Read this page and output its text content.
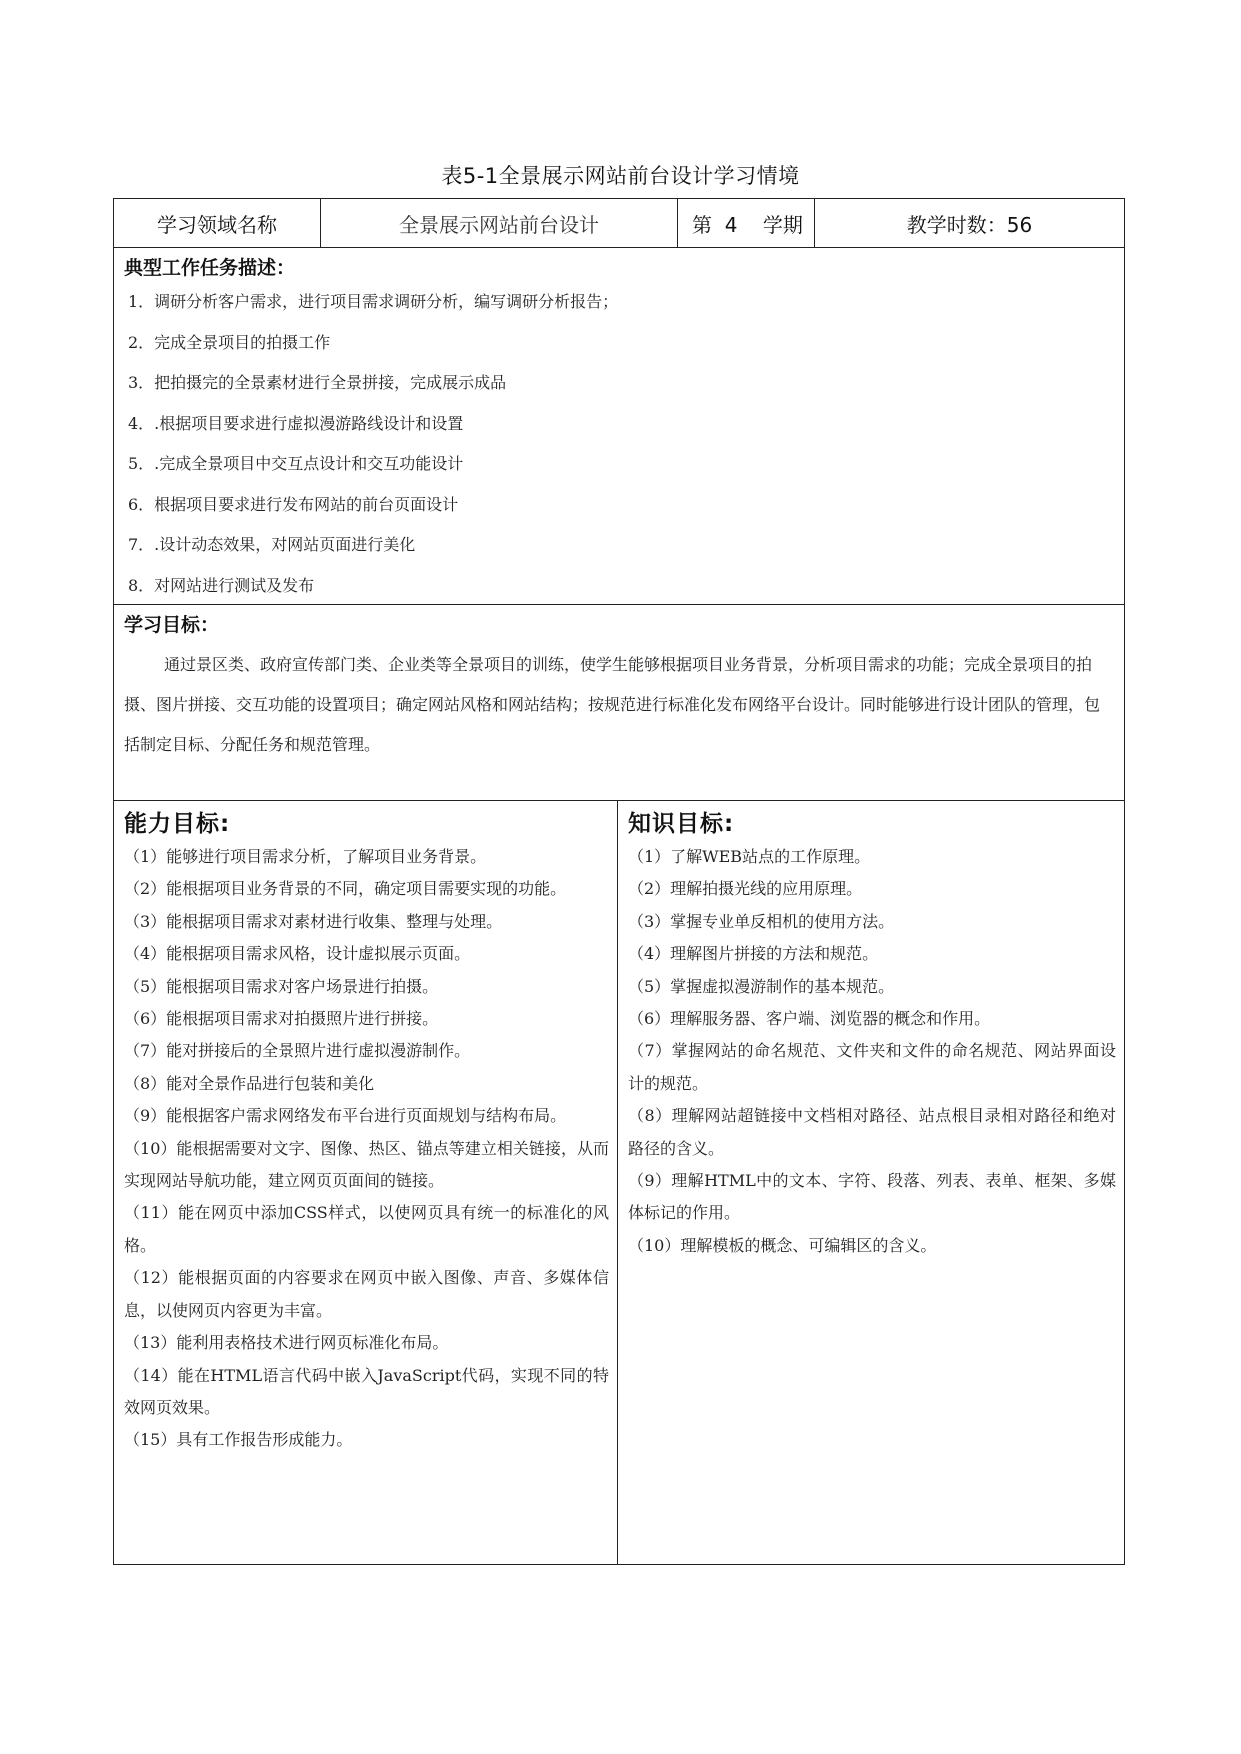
表5-1全景展示网站前台设计学习情境
学习领域名称	全景展示网站前台设计	第  4    学期	教学时数：56
典型工作任务描述：
1．调研分析客户需求，进行项目需求调研分析，编写调研分析报告；
2．完成全景项目的拍摄工作
3．把拍摄完的全景素材进行全景拼接，完成展示成品
4．.根据项目要求进行虚拟漫游路线设计和设置
5．.完成全景项目中交互点设计和交互功能设计
6．根据项目要求进行发布网站的前台页面设计
7．.设计动态效果，对网站页面进行美化
8．对网站进行测试及发布
学习目标：
通过景区类、政府宣传部门类、企业类等全景项目的训练，使学生能够根据项目业务背景，分析项目需求的功能；完成全景项目的拍摄、图片拼接、交互功能的设置项目；确定网站风格和网站结构；按规范进行标准化发布网络平台设计。同时能够进行设计团队的管理，包括制定目标、分配任务和规范管理。
能力目标:
（1）能够进行项目需求分析，了解项目业务背景。
（2）能根据项目业务背景的不同，确定项目需要实现的功能。
（3）能根据项目需求对素材进行收集、整理与处理。
（4）能根据项目需求风格，设计虚拟展示页面。
（5）能根据项目需求对客户场景进行拍摄。
（6）能根据项目需求对拍摄照片进行拼接。
（7）能对拼接后的全景照片进行虚拟漫游制作。
（8）能对全景作品进行包装和美化
（9）能根据客户需求网络发布平台进行页面规划与结构布局。
（10）能根据需要对文字、图像、热区、锚点等建立相关链接，从而实现网站导航功能，建立网页页面间的链接。
（11）能在网页中添加CSS样式，以使网页具有统一的标准化的风格。
（12）能根据页面的内容要求在网页中嵌入图像、声音、多媒体信息，以使网页内容更为丰富。
（13）能利用表格技术进行网页标准化布局。
（14）能在HTML语言代码中嵌入JavaScript代码，实现不同的特效网页效果。
（15）具有工作报告形成能力。
知识目标:
（1）了解WEB站点的工作原理。
（2）理解拍摄光线的应用原理。
（3）掌握专业单反相机的使用方法。
（4）理解图片拼接的方法和规范。
（5）掌握虚拟漫游制作的基本规范。
（6）理解服务器、客户端、浏览器的概念和作用。
（7）掌握网站的命名规范、文件夹和文件的命名规范、网站界面设计的规范。
（8）理解网站超链接中文档相对路径、站点根目录相对路径和绝对路径的含义。
（9）理解HTML中的文本、字符、段落、列表、表单、框架、多媒体标记的作用。
（10）理解模板的概念、可编辑区的含义。
